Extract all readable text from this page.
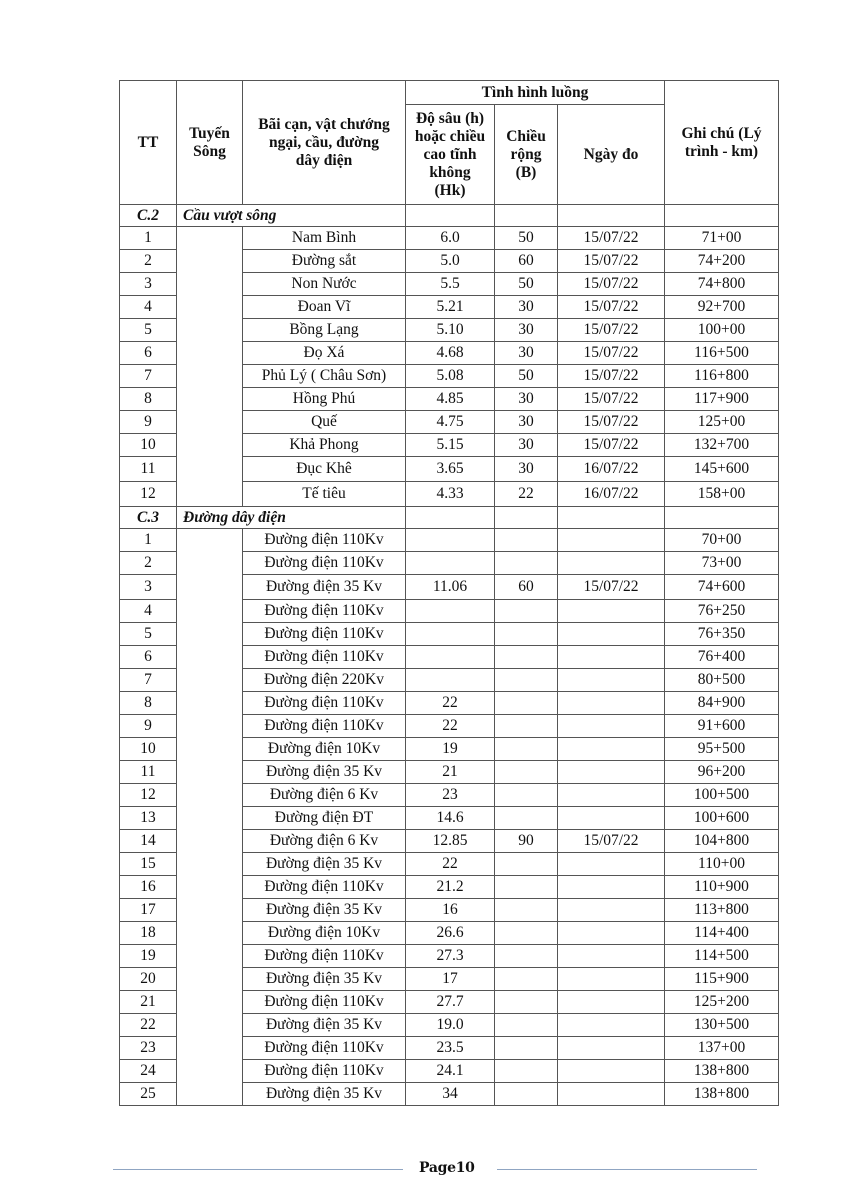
TT	Tuyến Sông	Bãi cạn, vật chướng ngại, cầu, đường dây điện	Tình hình luồng			Ghi chú (Lý trình - km)
			Độ sâu (h) hoặc chiều cao tĩnh không (Hk)	Chiều rộng (B)	Ngày đo	
C.2	Cầu vượt sông					
1		Nam Bình	6.0	50	15/07/22	71+00
2		Đường sắt	5.0	60	15/07/22	74+200
3		Non Nước	5.5	50	15/07/22	74+800
4		Đoan Vĩ	5.21	30	15/07/22	92+700
5		Bồng Lạng	5.10	30	15/07/22	100+00
6		Đọ Xá	4.68	30	15/07/22	116+500
7		Phủ Lý ( Châu Sơn)	5.08	50	15/07/22	116+800
8		Hồng Phú	4.85	30	15/07/22	117+900
9		Quế	4.75	30	15/07/22	125+00
10		Khả Phong	5.15	30	15/07/22	132+700
11		Đục Khê	3.65	30	16/07/22	145+600
12		Tế tiêu	4.33	22	16/07/22	158+00
C.3	Đường dây điện					
1		Đường điện 110Kv				70+00
2		Đường điện 110Kv				73+00
3		Đường điện 35 Kv	11.06	60	15/07/22	74+600
4		Đường điện 110Kv				76+250
5		Đường điện 110Kv				76+350
6		Đường điện 110Kv				76+400
7		Đường điện 220Kv				80+500
8		Đường điện 110Kv	22			84+900
9		Đường điện 110Kv	22			91+600
10		Đường điện 10Kv	19			95+500
11		Đường điện 35 Kv	21			96+200
12		Đường điện 6 Kv	23			100+500
13		Đường điện ĐT	14.6			100+600
14		Đường điện 6 Kv	12.85	90	15/07/22	104+800
15		Đường điện 35 Kv	22			110+00
16		Đường điện 110Kv	21.2			110+900
17		Đường điện 35 Kv	16			113+800
18		Đường điện 10Kv	26.6			114+400
19		Đường điện 110Kv	27.3			114+500
20		Đường điện 35 Kv	17			115+900
21		Đường điện 110Kv	27.7			125+200
22		Đường điện 35 Kv	19.0			130+500
23		Đường điện 110Kv	23.5			137+00
24		Đường điện 110Kv	24.1			138+800
25		Đường điện 35 Kv	34			138+800
Page10
